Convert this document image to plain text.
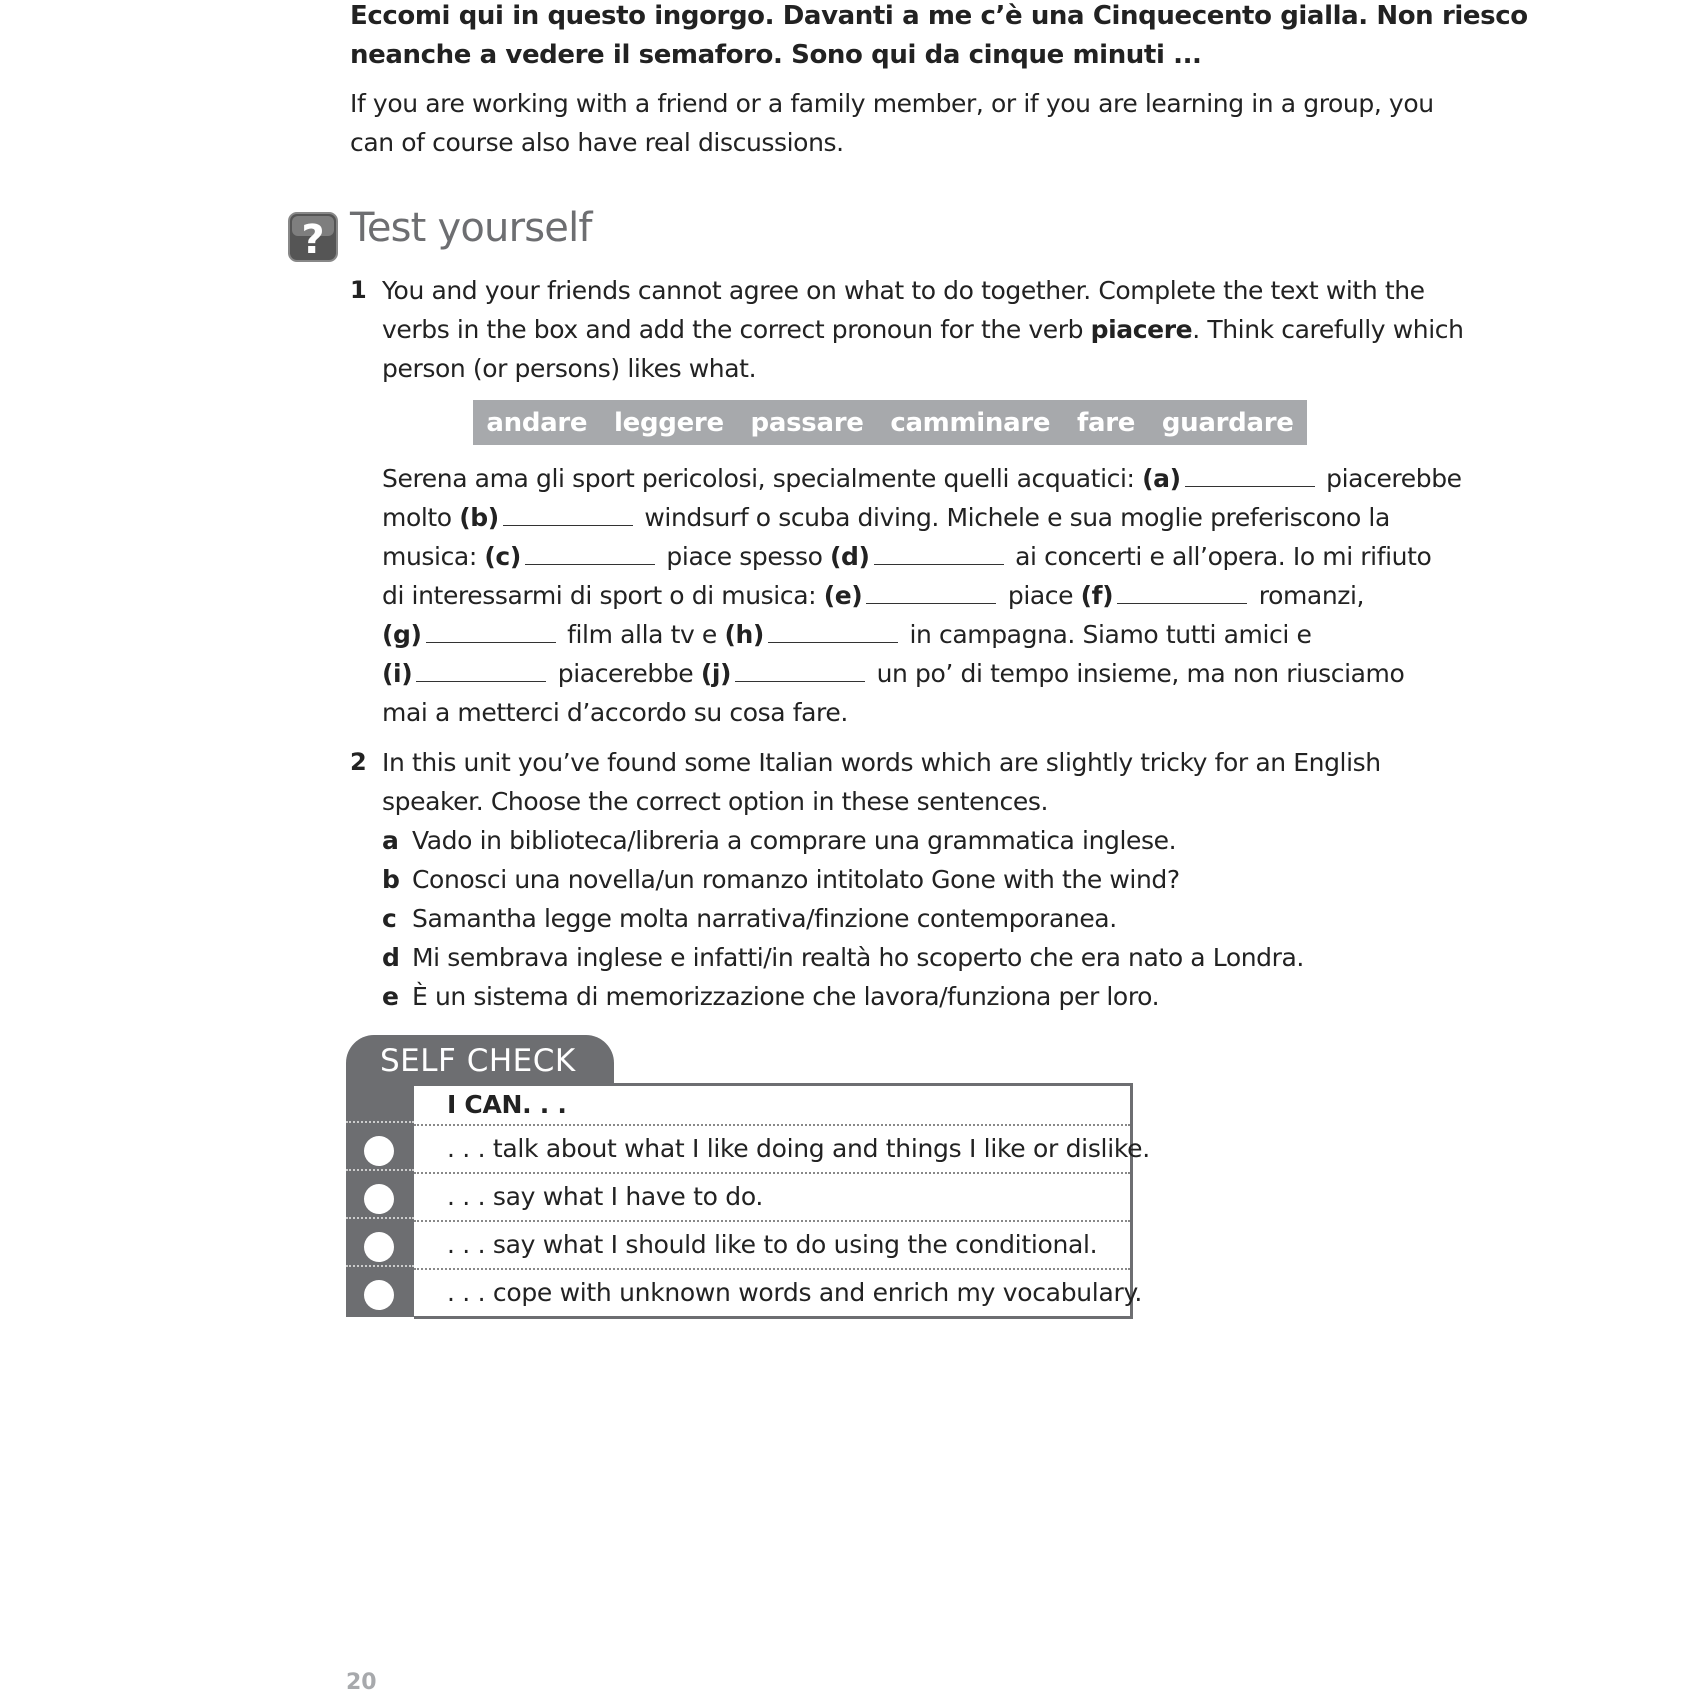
Eccomi qui in questo ingorgo. Davanti a me c’è una Cinquecento gialla. Non riesco
neanche a vedere il semaforo. Sono qui da cinque minuti ...
If you are working with a friend or a family member, or if you are learning in a group, you
can of course also have real discussions.
? Test yourself
1 You and your friends cannot agree on what to do together. Complete the text with the
verbs in the box and add the correct pronoun for the verb piacere. Think carefully which
person (or persons) likes what.
andare leggere passare camminare fare guardare
Serena ama gli sport pericolosi, specialmente quelli acquatici: (a)	piacerebbe
molto (b)	windsurf o scuba diving. Michele e sua moglie preferiscono la
musica: (c)	piace spesso (d)	ai concerti e all’opera. Io mi rifiuto
di interessarmi di sport o di musica: (e)	piace (f)	romanzi,
(g)	film alla tv e (h)	in campagna. Siamo tutti amici e
(i)	piacerebbe (j)	un po’ di tempo insieme, ma non riusciamo
mai a metterci d’accordo su cosa fare.
2 In this unit you’ve found some Italian words which are slightly tricky for an English
speaker. Choose the correct option in these sentences.
a Vado in biblioteca/libreria a comprare una grammatica inglese.
b Conosci una novella/un romanzo intitolato Gone with the wind?
c Samantha legge molta narrativa/finzione contemporanea.
d Mi sembrava inglese e infatti/in realtà ho scoperto che era nato a Londra.
e È un sistema di memorizzazione che lavora/funziona per loro.
SELF CHECK
I CAN. . .
. . . talk about what I like doing and things I like or dislike.
. . . say what I have to do.
. . . say what I should like to do using the conditional.
. . . cope with unknown words and enrich my vocabulary.
20
